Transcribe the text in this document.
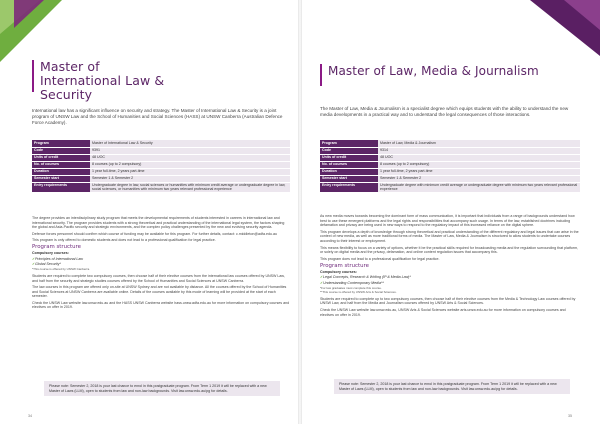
Master of International Law & Security

International law has a significant influence on security and strategy. The Master of International Law & Security is a joint program of UNSW Law and the School of Humanities and Social Sciences (HASS) at UNSW Canberra (Australian Defence Force Academy).

Program	Master of International Law & Security
Code	9391
Units of credit	48 UOC
No. of courses	8 courses (up to 2 compulsory)
Duration	1 year full-time, 2 years part-time
Semester start	Semester 1 & Semester 2
Entry requirements	Undergraduate degree in law, social sciences or humanities with minimum credit average or undergraduate degree in law, social sciences, or humanities with minimum two years relevant professional experience

The degree provides an interdisciplinary study program that meets the developmental requirements of students interested in careers in international law and international security. The program provides students with a strong theoretical and practical understanding of the international legal system, the factors shaping the global and Asia-Pacific security and strategic environments, and the complex policy challenges presented by the new and evolving security agenda.

Defence forces personnel should confirm which course of funding may be available for this program. For further details, contact: c.middleton@adfa.edu.au

This program is only offered to domestic students and does not lead to a professional qualification for legal practice.

Program structure
Compulsory courses:
✓ Principles of International Law
✓ Global Security*
*This course is offered by UNSW Canberra.

Students are required to complete two compulsory courses, then choose half of their elective courses from the international law courses offered by UNSW Law, and half from the security and strategic studies courses offered by the School of Humanities and Social Sciences at UNSW Canberra.

The law courses in this program are offered only on-site at UNSW Sydney and are not available by distance. All the courses offered by the School of Humanities and Social Sciences at UNSW Canberra are available online. Details of the courses available by this mode of learning will be provided at the start of each semester.

Check the UNSW Law website law.unsw.edu.au and the HASS UNSW Canberra website hass.unsw.adfa.edu.au for more information on compulsory courses and electives on offer in 2019.

Please note: Semester 2, 2018 is your last chance to enrol in this postgraduate program. From Term 1 2019 it will be replaced with a new Master of Laws (LLM), open to students from law and non-law backgrounds. Visit law.unsw.edu.au/pg for details.
34
Master of Law, Media & Journalism

The Master of Law, Media & Journalism is a specialist degree which equips students with the ability to understand the new media developments in a practical way and to understand the legal consequences of those interactions.

Program	Master of Law, Media & Journalism
Code	9314
Units of credit	48 UOC
No. of courses	8 courses (up to 2 compulsory)
Duration	1 year full-time, 2 years part-time
Semester start	Semester 1 & Semester 2
Entry requirements	Undergraduate degree with minimum credit average or undergraduate degree with minimum two years relevant professional experience

As new media moves towards becoming the dominant form of mass communication, it is important that individuals from a range of backgrounds understand how best to use these emergent platforms and the legal rights and responsibilities that accompany such usage. In terms of the law, established doctrines including defamation and privacy are being used in new ways to respond to the regulatory impact of this increased reliance on the digital sphere.

This program develops a depth of knowledge through strong theoretical and practical understanding of the different regulatory and legal issues that can arise in the context of new media, as well as more traditional forms of media. The Master of Law, Media & Journalism is structured to allow students to undertake courses according to their interest or employment.

This means flexibility to focus on a variety of options, whether it be the practical skills required for broadcasting media and the regulation surrounding that platform, or solely on digital media and the privacy, defamation, and online content regulation issues that accompany this.

This program does not lead to a professional qualification for legal practice.

Program structure
Compulsory courses:
✓ Legal Concepts, Research & Writing (IP & Media Law)*
✓ Understanding Contemporary Media**
*For law graduates must complete this course.
**This course is offered by UNSW Arts & Social Sciences.

Students are required to complete up to two compulsory courses, then choose half of their elective courses from the Media & Technology Law courses offered by UNSW Law, and half from the Media and Journalism courses offered by UNSW Arts & Social Sciences.

Check the UNSW Law website law.unsw.edu.au, UNSW Arts & Social Sciences website arts.unsw.edu.au for more information on compulsory courses and electives on offer in 2019.

Please note: Semester 2, 2018 is your last chance to enrol in this postgraduate program. From Term 1 2019 it will be replaced with a new Master of Laws (LLM), open to students from law and non-law backgrounds. Visit law.unsw.edu.au/pg for details.
35
